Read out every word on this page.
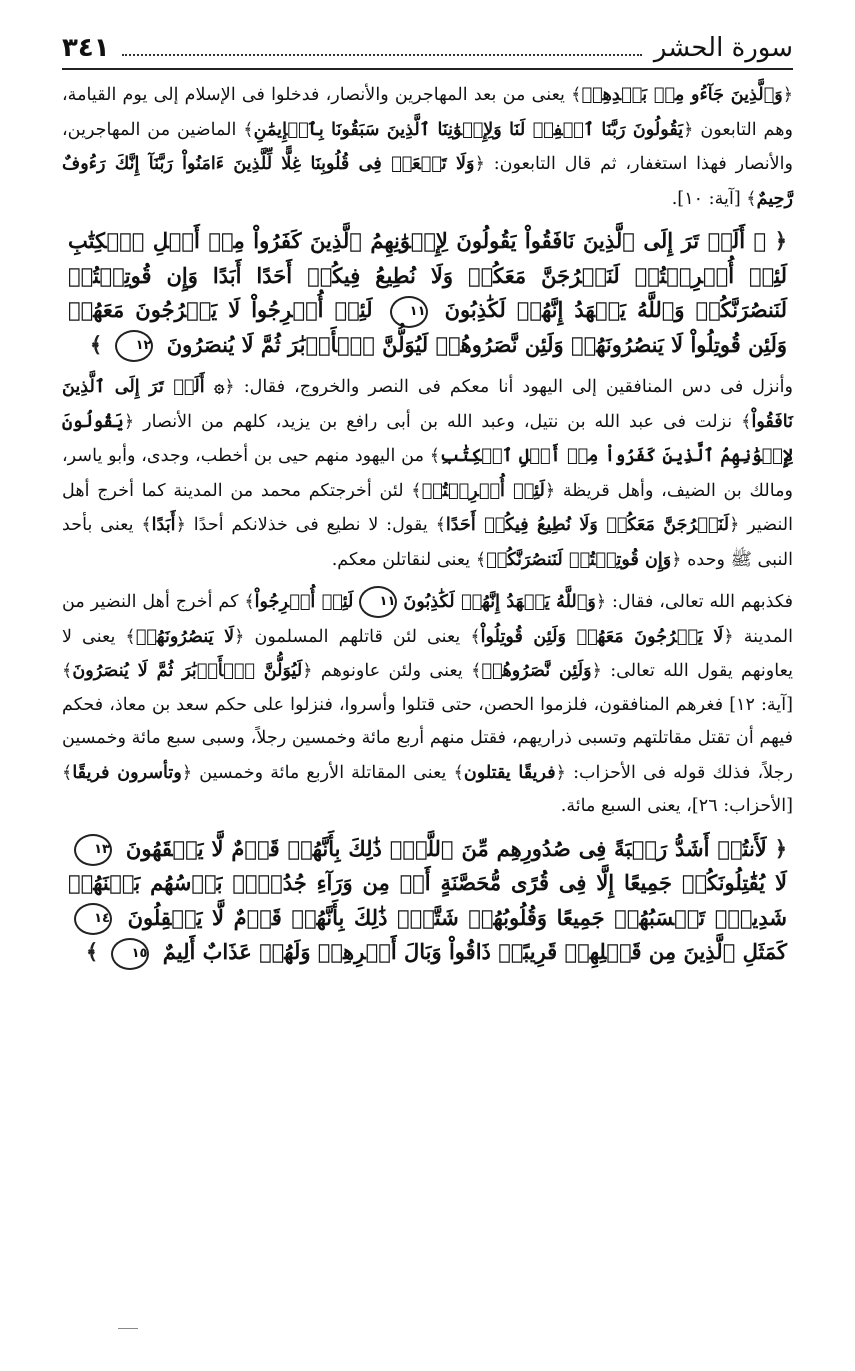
سورة الحشر
٣٤١

﴿وَٱلَّذِينَ جَآءُو مِنۢ بَعۡدِهِمۡ﴾ يعنى من بعد المهاجرين والأنصار، فدخلوا فى الإسلام إلى يوم القيامة، وهم التابعون ﴿يَقُولُونَ رَبَّنَا ٱغۡفِرۡ لَنَا وَلِإِخۡوَٰنِنَا ٱلَّذِينَ سَبَقُونَا بِٱلۡإِيمَٰنِ﴾ الماضين من المهاجرين، والأنصار فهذا استغفار، ثم قال التابعون: ﴿وَلَا تَجۡعَلۡ فِى قُلُوبِنَا غِلًّا لِّلَّذِينَ ءَامَنُواْ رَبَّنَآ إِنَّكَ رَءُوفٌ رَّحِيمٌ﴾ [آية: ١٠].

﴿ ۞ أَلَمۡ تَرَ إِلَى ٱلَّذِينَ نَافَقُواْ يَقُولُونَ لِإِخۡوَٰنِهِمُ ٱلَّذِينَ كَفَرُواْ مِنۡ أَهۡلِ ٱلۡكِتَٰبِ لَئِنۡ أُخۡرِجۡتُمۡ لَنَخۡرُجَنَّ مَعَكُمۡ وَلَا نُطِيعُ فِيكُمۡ أَحَدًا أَبَدًا وَإِن قُوتِلۡتُمۡ لَنَنصُرَنَّكُمۡ وَٱللَّهُ يَشۡهَدُ إِنَّهُمۡ لَكَٰذِبُونَ ١١ لَئِنۡ أُخۡرِجُواْ لَا يَخۡرُجُونَ مَعَهُمۡ وَلَئِن قُوتِلُواْ لَا يَنصُرُونَهُمۡ وَلَئِن نَّصَرُوهُمۡ لَيُوَلُّنَّ ٱلۡأَدۡبَٰرَ ثُمَّ لَا يُنصَرُونَ ١٢ ﴾

وأنزل فى دس المنافقين إلى اليهود أنا معكم فى النصر والخروج، فقال: ﴿۞ أَلَمۡ تَرَ إِلَى ٱلَّذِينَ نَافَقُواْ﴾ نزلت فى عبد الله بن نتيل، وعبد الله بن أبى رافع بن يزيد، كلهم من الأنصار ﴿يَقُولُونَ لِإِخۡوَٰنِهِمُ ٱلَّذِينَ كَفَرُواْ مِنۡ أَهۡلِ ٱلۡكِتَٰبِ﴾ من اليهود منهم حيى بن أخطب، وجدى، وأبو ياسر، ومالك بن الضيف، وأهل قريظة ﴿لَئِنۡ أُخۡرِجۡتُمۡ﴾ لئن أخرجتكم محمد من المدينة كما أخرج أهل النضير ﴿لَنَخۡرُجَنَّ مَعَكُمۡ وَلَا نُطِيعُ فِيكُمۡ أَحَدًا﴾ يقول: لا نطيع فى خذلانكم أحدًا ﴿أَبَدًا﴾ يعنى بأحد النبى ﷺ وحده ﴿وَإِن قُوتِلۡتُمۡ لَنَنصُرَنَّكُمۡ﴾ يعنى لنقاتلن معكم.

فكذبهم الله تعالى، فقال: ﴿وَٱللَّهُ يَشۡهَدُ إِنَّهُمۡ لَكَٰذِبُونَ١١لَئِنۡ أُخۡرِجُواْ﴾ كم أخرج أهل النضير من المدينة ﴿لَا يَخۡرُجُونَ مَعَهُمۡ وَلَئِن قُوتِلُواْ﴾ يعنى لئن قاتلهم المسلمون ﴿لَا يَنصُرُونَهُمۡ﴾ يعنى لا يعاونهم يقول الله تعالى: ﴿وَلَئِن نَّصَرُوهُمۡ﴾ يعنى ولئن عاونوهم ﴿لَيُوَلُّنَّ ٱلۡأَدۡبَٰرَ ثُمَّ لَا يُنصَرُونَ﴾ [آية: ١٢] فغرهم المنافقون، فلزموا الحصن، حتى قتلوا وأسروا، فنزلوا على حكم سعد بن معاذ، فحكم فيهم أن تقتل مقاتلتهم وتسبى ذراريهم، فقتل منهم أربع مائة وخمسين رجلاً، وسبى سبع مائة وخمسين رجلاً، فذلك قوله فى الأحزاب: ﴿فريقًا يقتلون﴾ يعنى المقاتلة الأربع مائة وخمسين ﴿وتأسرون فريقًا﴾ [الأحزاب: ٢٦]، يعنى السبع مائة.

﴿ لَأَنتُمۡ أَشَدُّ رَهۡبَةً فِى صُدُورِهِم مِّنَ ٱللَّهِۚ ذَٰلِكَ بِأَنَّهُمۡ قَوۡمٌ لَّا يَفۡقَهُونَ ١٣ لَا يُقَٰتِلُونَكُمۡ جَمِيعًا إِلَّا فِى قُرًى مُّحَصَّنَةٍ أَوۡ مِن وَرَآءِ جُدُرِۭۚ بَأۡسُهُم بَيۡنَهُمۡ شَدِيدٌۚ تَحۡسَبُهُمۡ جَمِيعًا وَقُلُوبُهُمۡ شَتَّىٰۚ ذَٰلِكَ بِأَنَّهُمۡ قَوۡمٌ لَّا يَعۡقِلُونَ ١٤ كَمَثَلِ ٱلَّذِينَ مِن قَبۡلِهِمۡ قَرِيبًاۖ ذَاقُواْ وَبَالَ أَمۡرِهِمۡ وَلَهُمۡ عَذَابٌ أَلِيمٌ ١٥ ﴾
